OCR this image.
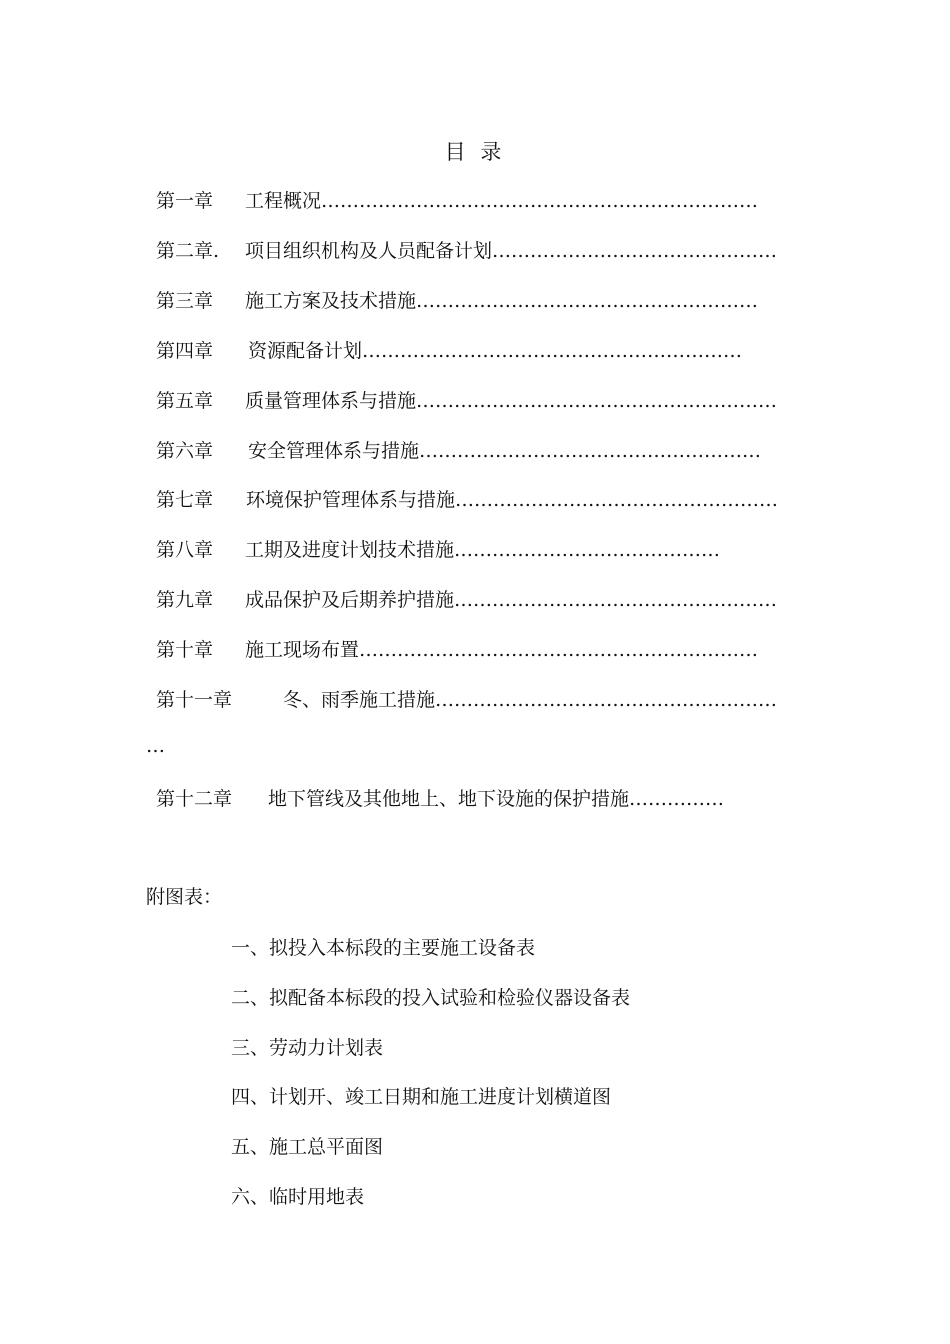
目 录
第一章 工程概况……………………………………………………………
第二章. 项目组织机构及人员配备计划………………………………………
第三章 施工方案及技术措施………………………………………………
第四章 资源配备计划……………………………………………………
第五章 质量管理体系与措施…………………………………………………
第六章 安全管理体系与措施………………………………………………
第七章 环境保护管理体系与措施……………………………………………
第八章 工期及进度计划技术措施……………………………………
第九章 成品保护及后期养护措施……………………………………………
第十章 施工现场布置………………………………………………………
第十一章	冬、雨季施工措施………………………………………………
…
第十二章 地下管线及其他地上、地下设施的保护措施……………
附图表：
一、拟投入本标段的主要施工设备表
二、拟配备本标段的投入试验和检验仪器设备表
三、劳动力计划表
四、计划开、竣工日期和施工进度计划横道图
五、施工总平面图
六、临时用地表
